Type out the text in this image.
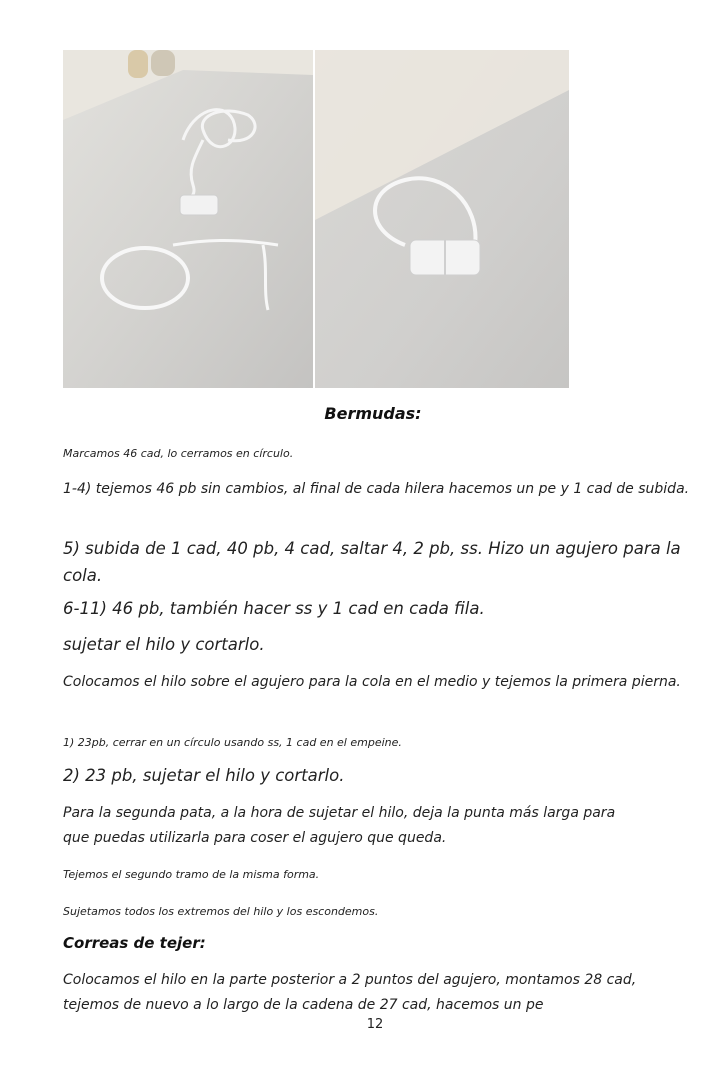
Bermudas:

Marcamos 46 cad, lo cerramos en círculo.

1-4) tejemos 46 pb sin cambios, al final de cada hilera hacemos un pe y 1 cad de subida.

5) subida de 1 cad, 40 pb, 4 cad, saltar 4, 2 pb, ss. Hizo un agujero para la cola.

6-11) 46 pb, también hacer ss y 1 cad en cada fila.

sujetar el hilo y cortarlo.

Colocamos el hilo sobre el agujero para la cola en el medio y tejemos la primera pierna.

1) 23pb, cerrar en un círculo usando ss, 1 cad en el empeine.

2) 23 pb, sujetar el hilo y cortarlo.

Para la segunda pata, a la hora de sujetar el hilo, deja la punta más larga para que puedas utilizarla para coser el agujero que queda.

Tejemos el segundo tramo de la misma forma.

Sujetamos todos los extremos del hilo y los escondemos.

Correas de tejer:

Colocamos el hilo en la parte posterior a 2 puntos del agujero, montamos 28 cad, tejemos de nuevo a lo largo de la cadena de 27 cad, hacemos un pe

12
